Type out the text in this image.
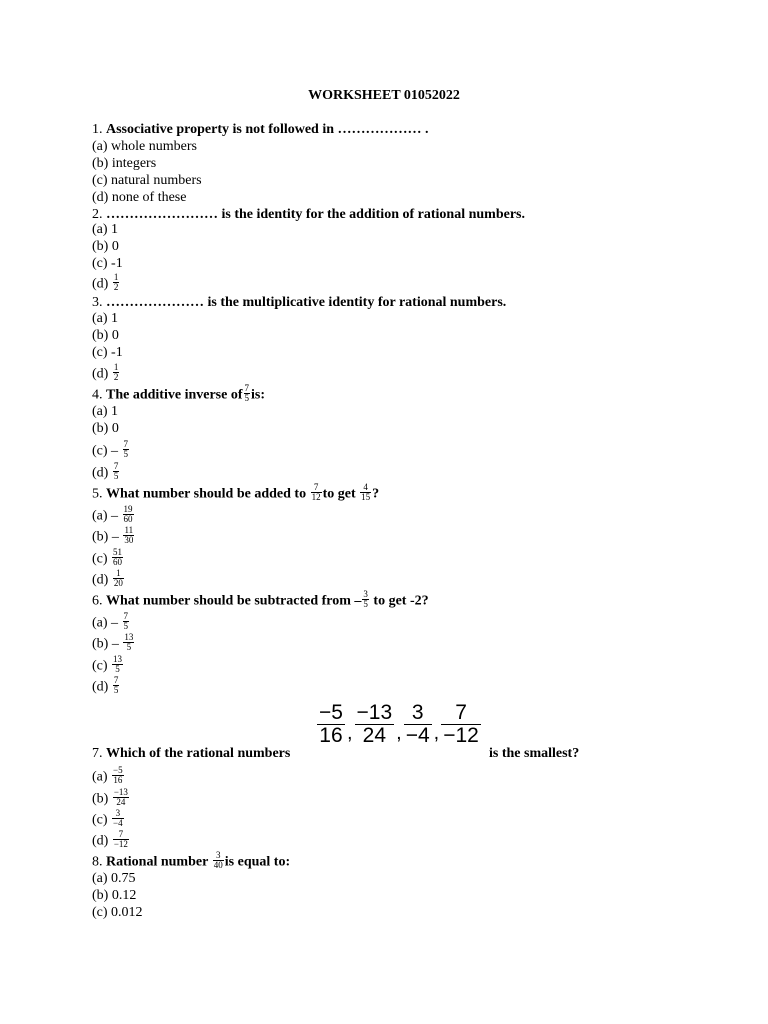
WORKSHEET 01052022
1. Associative property is not followed in ……………… .
(a) whole numbers
(b) integers
(c) natural numbers
(d) none of these
2. …………………… is the identity for the addition of rational numbers.
(a) 1
(b) 0
(c) -1
$(d) \frac{1}{2}$
3. ………………… is the multiplicative identity for rational numbers.
(a) 1
(b) 0
(c) -1
$(d) \frac{1}{2}$
4. The additive inverse of $\frac{7}{5}$ is:
(a) 1
(b) 0
$(c) - \frac{7}{5}$
$(d) \frac{7}{5}$
5. What number should be added to $\frac{7}{12}$ to get $\frac{4}{15}$ ?
$(a) - \frac{19}{60}$
$(b) - \frac{11}{30}$
$(c) \frac{51}{60}$
$(d) \frac{1}{20}$
6. What number should be subtracted from – $\frac{3}{5}$ to get -2?
$(a) - \frac{7}{5}$
$(b) - \frac{13}{5}$
$(c) \frac{13}{5}$
$(d) \frac{7}{5}$
$\frac{-5}{16}$ , $\frac{-13}{24}$ , $\frac{3}{-4}$ , $\frac{7}{-12}$
7. Which of the rational numbers	is the smallest?
$(a) \frac{-5}{16}$
$(b) \frac{-13}{24}$
$(c) \frac{3}{-4}$
$(d) \frac{7}{-12}$
8. Rational number $\frac{3}{40}$ is equal to:
(a) 0.75
(b) 0.12
(c) 0.012
